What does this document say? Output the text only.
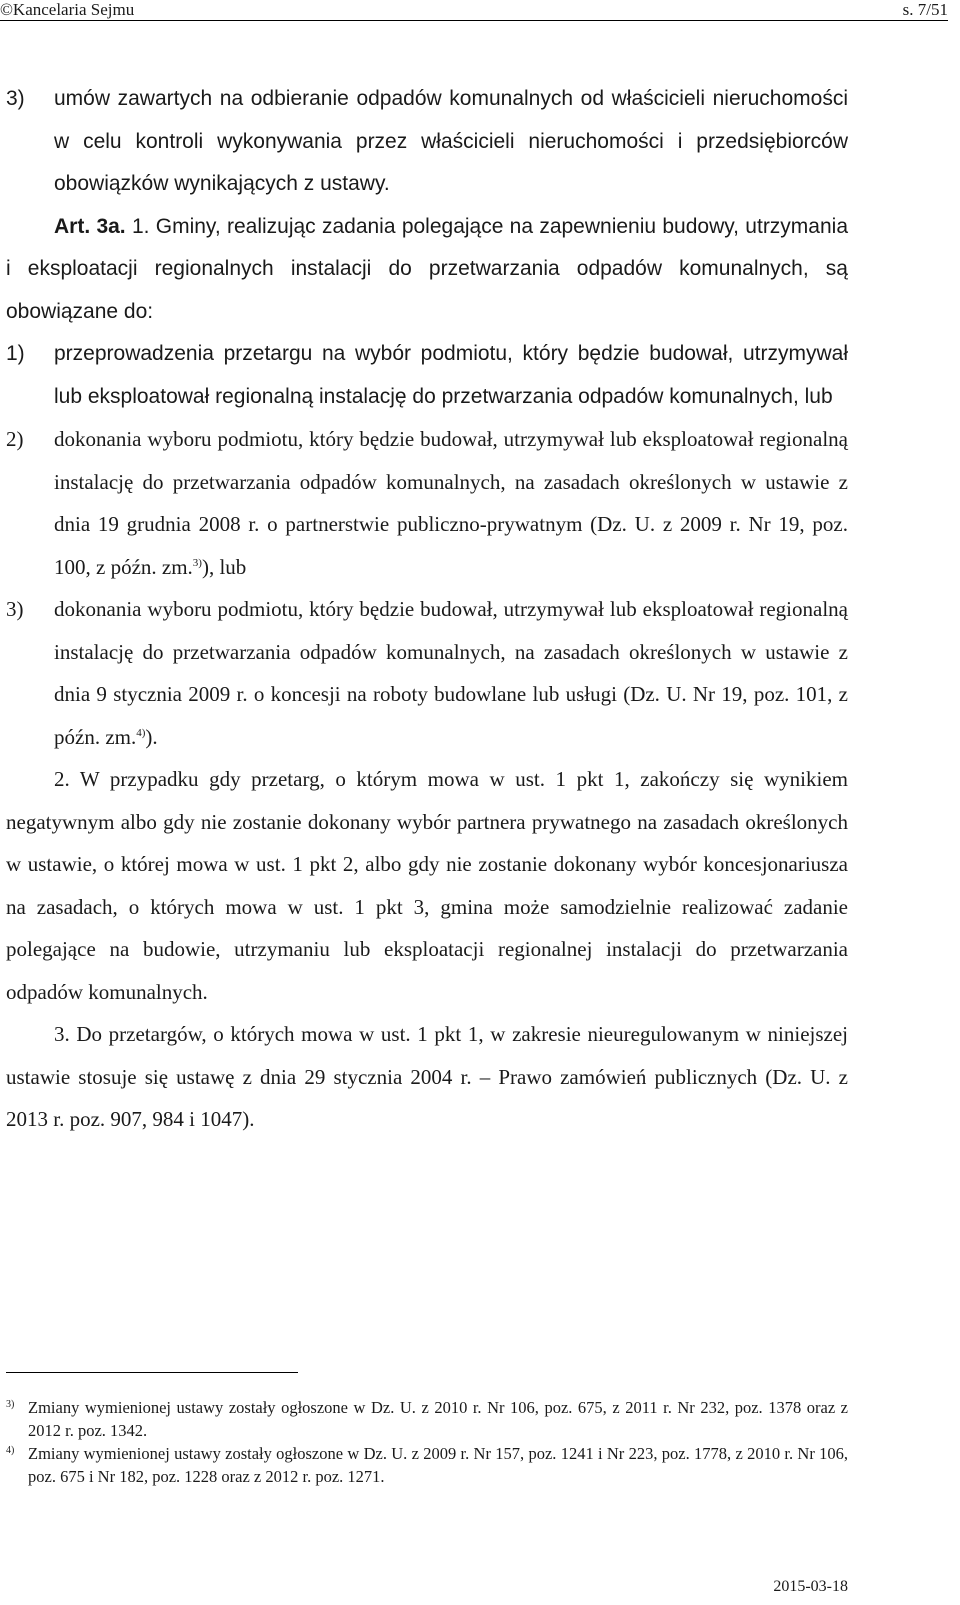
©Kancelaria Sejmu	s. 7/51

3) umów zawartych na odbieranie odpadów komunalnych od właścicieli nieruchomości w celu kontroli wykonywania przez właścicieli nieruchomości i przedsiębiorców obowiązków wynikających z ustawy.

Art. 3a. 1. Gminy, realizując zadania polegające na zapewnieniu budowy, utrzymania i eksploatacji regionalnych instalacji do przetwarzania odpadów komunalnych, są obowiązane do:

1) przeprowadzenia przetargu na wybór podmiotu, który będzie budował, utrzymywał lub eksploatował regionalną instalację do przetwarzania odpadów komunalnych, lub

2) dokonania wyboru podmiotu, który będzie budował, utrzymywał lub eksploatował regionalną instalację do przetwarzania odpadów komunalnych, na zasadach określonych w ustawie z dnia 19 grudnia 2008 r. o partnerstwie publiczno-prywatnym (Dz. U. z 2009 r. Nr 19, poz. 100, z późn. zm.$^{3)}$), lub

3) dokonania wyboru podmiotu, który będzie budował, utrzymywał lub eksploatował regionalną instalację do przetwarzania odpadów komunalnych, na zasadach określonych w ustawie z dnia 9 stycznia 2009 r. o koncesji na roboty budowlane lub usługi (Dz. U. Nr 19, poz. 101, z późn. zm.$^{4)}$).

2. W przypadku gdy przetarg, o którym mowa w ust. 1 pkt 1, zakończy się wynikiem negatywnym albo gdy nie zostanie dokonany wybór partnera prywatnego na zasadach określonych w ustawie, o której mowa w ust. 1 pkt 2, albo gdy nie zostanie dokonany wybór koncesjonariusza na zasadach, o których mowa w ust. 1 pkt 3, gmina może samodzielnie realizować zadanie polegające na budowie, utrzymaniu lub eksploatacji regionalnej instalacji do przetwarzania odpadów komunalnych.

3. Do przetargów, o których mowa w ust. 1 pkt 1, w zakresie nieuregulowanym w niniejszej ustawie stosuje się ustawę z dnia 29 stycznia 2004 r. – Prawo zamówień publicznych (Dz. U. z 2013 r. poz. 907, 984 i 1047).

$^{3)}$ Zmiany wymienionej ustawy zostały ogłoszone w Dz. U. z 2010 r. Nr 106, poz. 675, z 2011 r. Nr 232, poz. 1378 oraz z 2012 r. poz. 1342.

$^{4)}$ Zmiany wymienionej ustawy zostały ogłoszone w Dz. U. z 2009 r. Nr 157, poz. 1241 i Nr 223, poz. 1778, z 2010 r. Nr 106, poz. 675 i Nr 182, poz. 1228 oraz z 2012 r. poz. 1271.

2015-03-18
